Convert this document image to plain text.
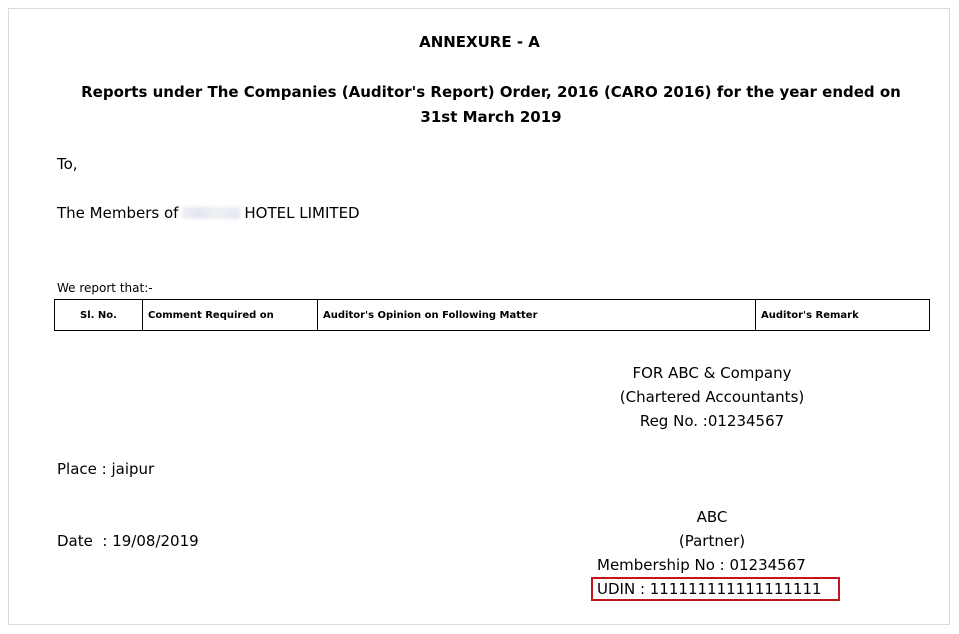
ANNEXURE - A
Reports under The Companies (Auditor's Report) Order, 2016 (CARO 2016) for the year ended on 31st March 2019
To,
The Members of	HOTEL LIMITED
We report that:-
Sl. No.	Comment Required on	Auditor's Opinion on Following Matter	Auditor's Remark
FOR ABC & Company
(Chartered Accountants)
Reg No. :01234567

Place : jaipur

Date  : 19/08/2019

ABC
(Partner)
Membership No : 01234567
UDIN : 111111111111111111
